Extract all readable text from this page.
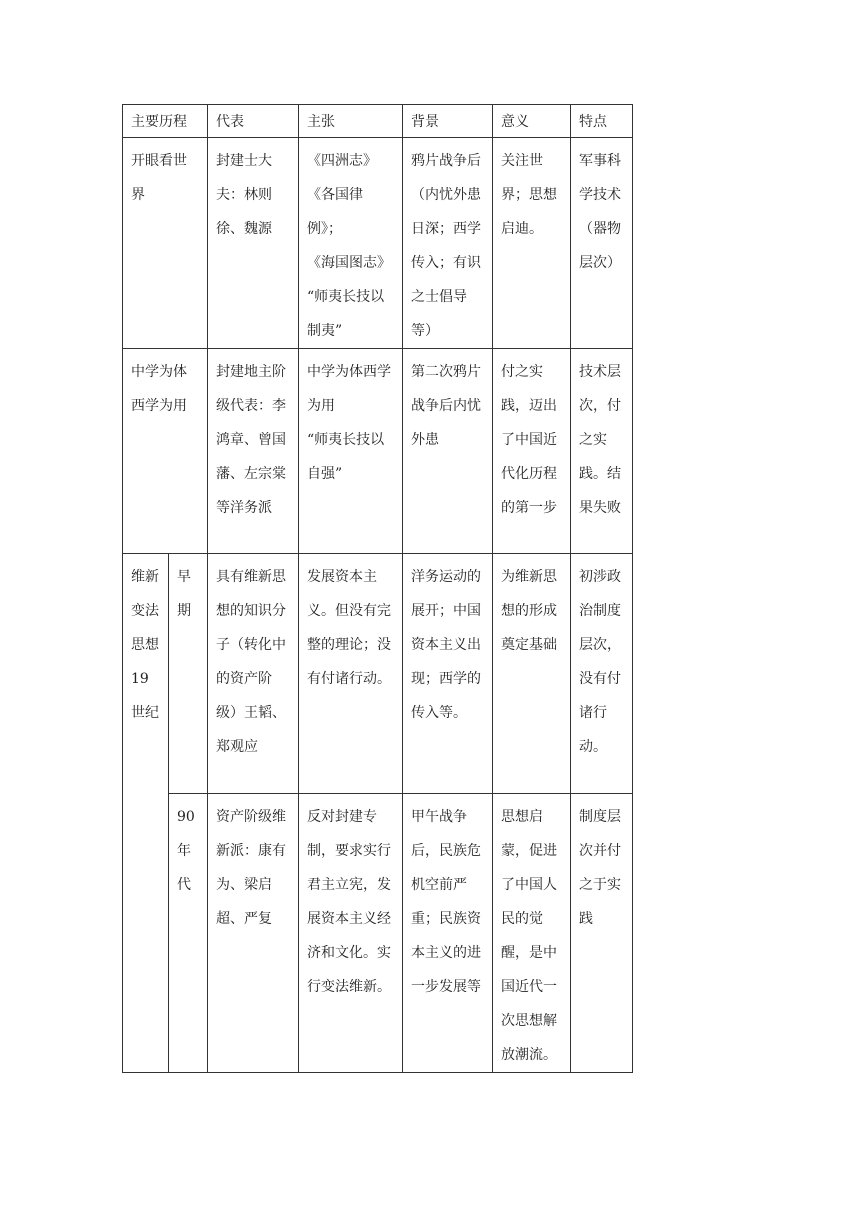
主要历程		代表	主张	背景	意义	特点
开眼看世界		封建士大夫：林则徐、魏源	《四洲志》
《各国律例》；
《海国图志》
“师夷长技以制夷”	鸦片战争后（内忧外患日深；西学传入；有识之士倡导等）	关注世界；思想启迪。	军事科学技术（器物层次）
中学为体西学为用		封建地主阶级代表：李鸿章、曾国藩、左宗棠等洋务派	中学为体西学为用
“师夷长技以自强”	第二次鸦片战争后内忧外患	付之实践，迈出了中国近代化历程的第一步	技术层次，付之实践。结果失败
维新变法思想19世纪	早期	具有维新思想的知识分子（转化中的资产阶级）王韬、郑观应	发展资本主义。但没有完整的理论；没有付诸行动。	洋务运动的展开；中国资本主义出现；西学的传入等。	为维新思想的形成奠定基础	初涉政治制度层次，没有付诸行动。
	90年代	资产阶级维新派：康有为、梁启超、严复	反对封建专制，要求实行君主立宪，发展资本主义经济和文化。实行变法维新。	甲午战争后，民族危机空前严重；民族资本主义的进一步发展等	思想启蒙，促进了中国人民的觉醒，是中国近代一次思想解放潮流。	制度层次并付之于实践
